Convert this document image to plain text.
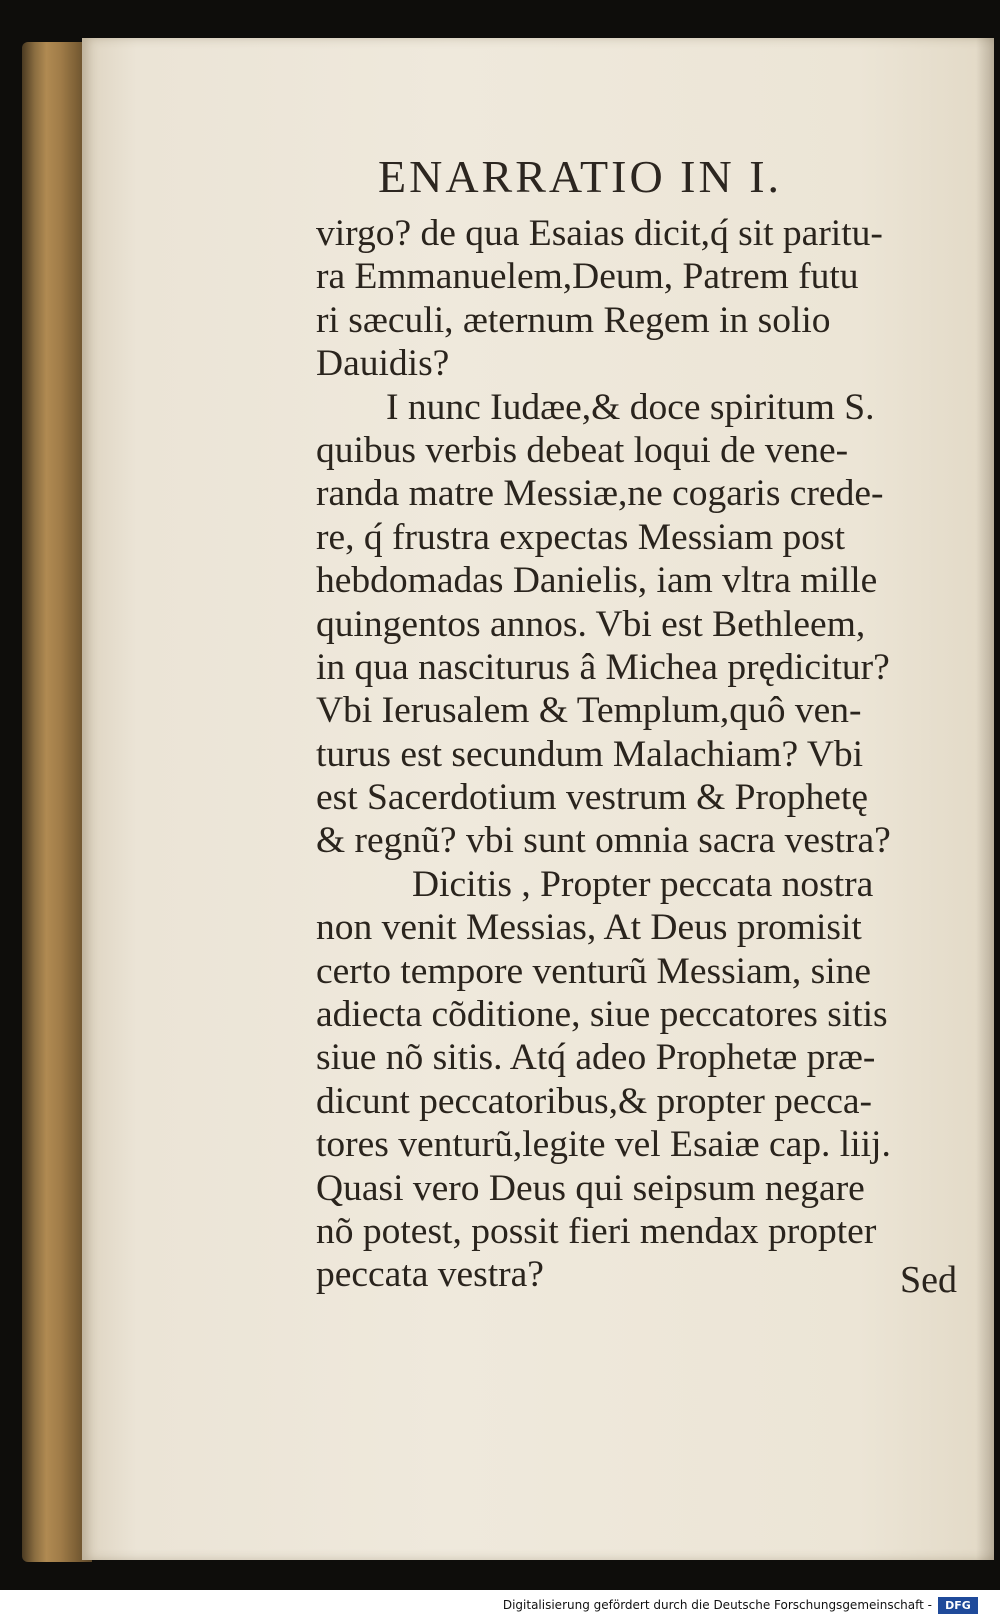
ENARRATIO IN I.
virgo? de qua Esaias dicit,q́ sit paritu-
ra Emmanuelem,Deum, Patrem futu
ri sæculi, æternum Regem in solio
Dauidis?
I nunc Iudæe,& doce spiritum S.
quibus verbis debeat loqui de vene-
randa matre Messiæ,ne cogaris crede-
re, q́ frustra expectas Messiam post
hebdomadas Danielis, iam vltra mille
quingentos annos. Vbi est Bethleem,
in qua nasciturus â Michea prędicitur?
Vbi Ierusalem & Templum,quô ven-
turus est secundum Malachiam? Vbi
est Sacerdotium vestrum & Prophetę
& regnũ? vbi sunt omnia sacra vestra?
Dicitis , Propter peccata nostra
non venit Messias, At Deus promisit
certo tempore venturũ Messiam, sine
adiecta cõditione, siue peccatores sitis
siue nõ sitis. Atq́ adeo Prophetæ præ-
dicunt peccatoribus,& propter pecca-
tores venturũ,legite vel Esaiæ cap. liij.
Quasi vero Deus qui seipsum negare
nõ potest, possit fieri mendax propter
peccata vestra?	Sed
Digitalisierung gefördert durch die Deutsche Forschungsgemeinschaft -	DFG
